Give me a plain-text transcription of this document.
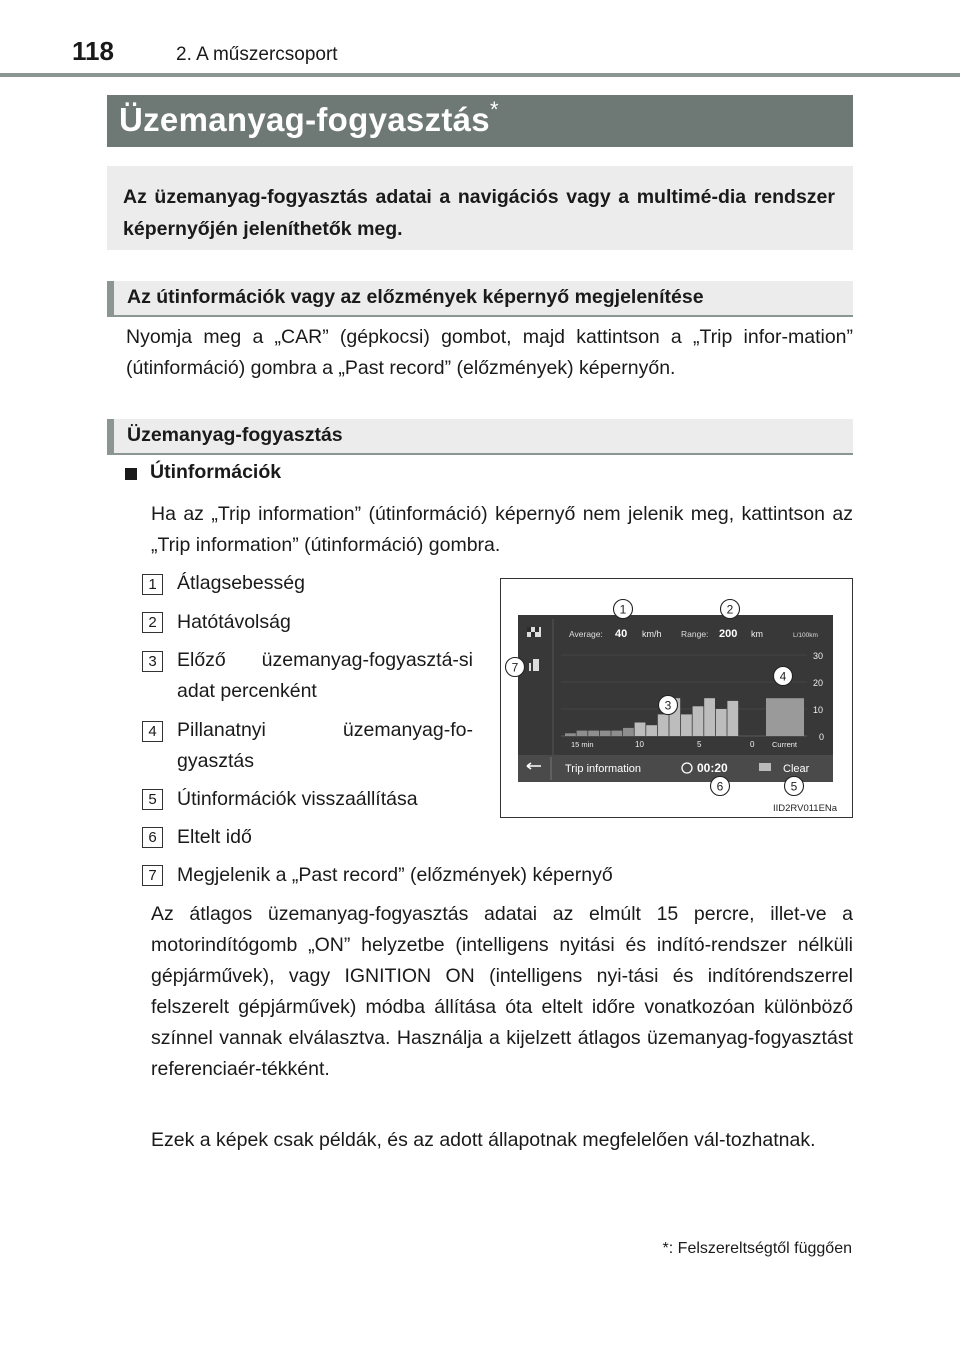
118	2. A műszercsoport
Üzemanyag-fogyasztás*

Az üzemanyag-fogyasztás adatai a navigációs vagy a multimé-dia rendszer képernyőjén jeleníthetők meg.

Az útinformációk vagy az előzmények képernyő megjelenítése

Nyomja meg a „CAR” (gépkocsi) gombot, majd kattintson a „Trip infor-mation” (útinformáció) gombra a „Past record” (előzmények) képernyőn.

Üzemanyag-fogyasztás
Útinformációk

Ha az „Trip information” (útinformáció) képernyő nem jelenik meg, kattintson az „Trip information” (útinformáció) gombra.

1	Átlagsebesség
2	Hatótávolság
3	Előző üzemanyag-fogyasztá-si adat percenként
4	Pillanatnyi üzemanyag-fo-gyasztás
5	Útinformációk visszaállítása
6	Eltelt idő
7	Megjelenik a „Past record” (előzmények) képernyő
Average: 40 km/h Range: 200 km	L/100km
30
20
10
0
15 min	10	5	0 Current
Trip information	00:20	Clear
1	2
3
4
5
6
7
IID2RV011ENa

Az átlagos üzemanyag-fogyasztás adatai az elmúlt 15 percre, illet-ve a motorindítógomb „ON” helyzetbe (intelligens nyitási és indító-rendszer nélküli gépjárművek), vagy IGNITION ON (intelligens nyi-tási és indítórendszerrel felszerelt gépjárművek) módba állítása óta eltelt időre vonatkozóan különböző színnel vannak elválasztva. Használja a kijelzett átlagos üzemanyag-fogyasztást referenciaér-tékként.

Ezek a képek csak példák, és az adott állapotnak megfelelően vál-tozhatnak.

*: Felszereltségtől függően
